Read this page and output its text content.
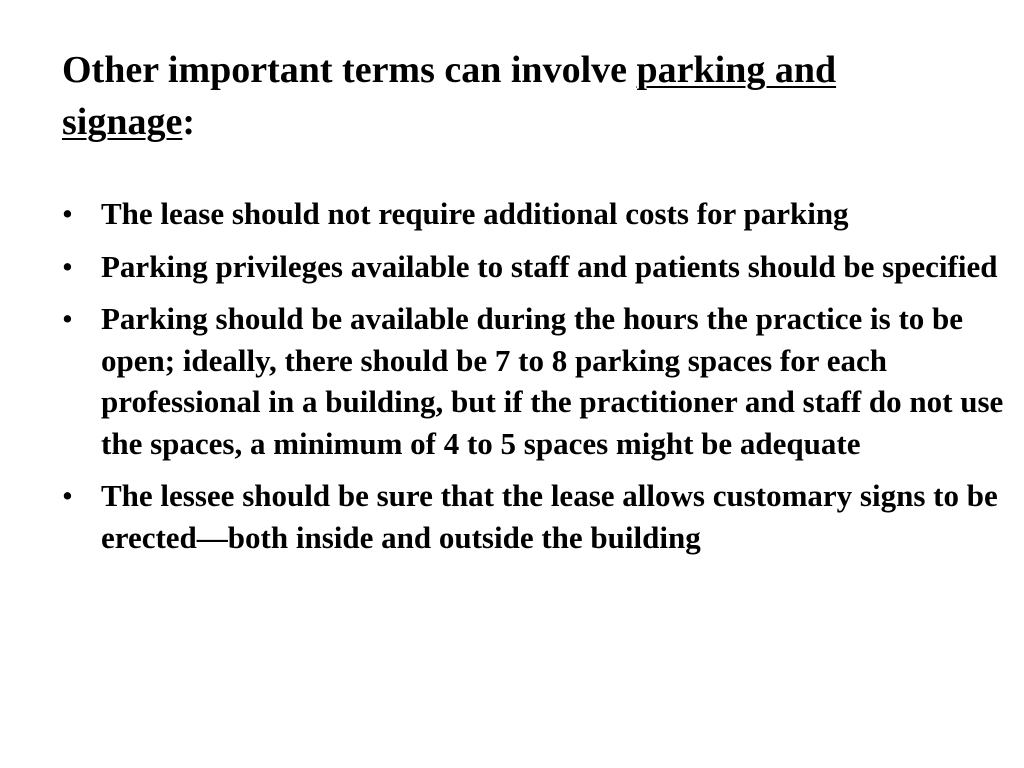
Other important terms can involve parking and signage:
• The lease should not require additional costs for parking
• Parking privileges available to staff and patients should be specified
• Parking should be available during the hours the practice is to be open; ideally, there should be 7 to 8 parking spaces for each professional in a building, but if the practitioner and staff do not use the spaces, a minimum of 4 to 5 spaces might be adequate
• The lessee should be sure that the lease allows customary signs to be erected—both inside and outside the building
